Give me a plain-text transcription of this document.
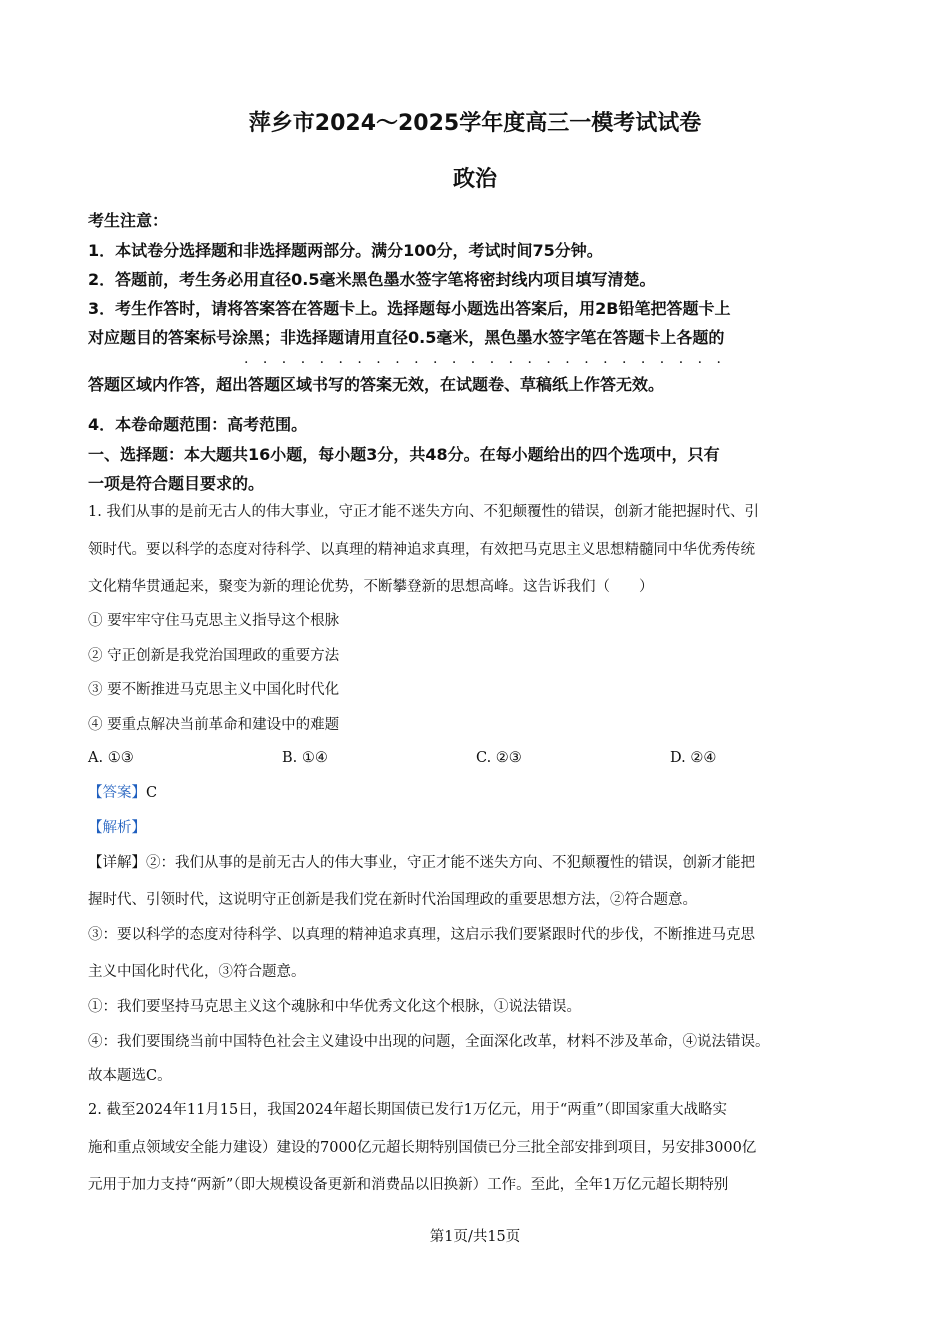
萍乡市2024～2025学年度高三一模考试试卷
政治
考生注意：
1．本试卷分选择题和非选择题两部分。满分100分，考试时间75分钟。
2．答题前，考生务必用直径0.5毫米黑色墨水签字笔将密封线内项目填写清楚。
3．考生作答时，请将答案答在答题卡上。选择题每小题选出答案后，用2B铅笔把答题卡上
对应题目的答案标号涂黑；非选择题请用直径0.5毫米，黑色墨水签字笔在答题卡上各题的
· · · · · · · · · · · · · · · · · · · · · · · · · ·
答题区域内作答，超出答题区域书写的答案无效，在试题卷、草稿纸上作答无效。
4．本卷命题范围：高考范围。
一、选择题：本大题共16小题，每小题3分，共48分。在每小题给出的四个选项中，只有
一项是符合题目要求的。
1. 我们从事的是前无古人的伟大事业，守正才能不迷失方向、不犯颠覆性的错误，创新才能把握时代、引
领时代。要以科学的态度对待科学、以真理的精神追求真理，有效把马克思主义思想精髓同中华优秀传统
文化精华贯通起来，聚变为新的理论优势，不断攀登新的思想高峰。这告诉我们（　　）
① 要牢牢守住马克思主义指导这个根脉
② 守正创新是我党治国理政的重要方法
③ 要不断推进马克思主义中国化时代化
④ 要重点解决当前革命和建设中的难题
A. ①③	B. ①④	C. ②③	D. ②④
【答案】C
【解析】
【详解】②：我们从事的是前无古人的伟大事业，守正才能不迷失方向、不犯颠覆性的错误，创新才能把
握时代、引领时代，这说明守正创新是我们党在新时代治国理政的重要思想方法，②符合题意。
③：要以科学的态度对待科学、以真理的精神追求真理，这启示我们要紧跟时代的步伐，不断推进马克思
主义中国化时代化，③符合题意。
①：我们要坚持马克思主义这个魂脉和中华优秀文化这个根脉，①说法错误。
④：我们要围绕当前中国特色社会主义建设中出现的问题，全面深化改革，材料不涉及革命，④说法错误。
故本题选C。
2. 截至2024年11月15日，我国2024年超长期国债已发行1万亿元，用于“两重”（即国家重大战略实
施和重点领域安全能力建设）建设的7000亿元超长期特别国债已分三批全部安排到项目，另安排3000亿
元用于加力支持“两新”（即大规模设备更新和消费品以旧换新）工作。至此，全年1万亿元超长期特别
第1页/共15页
